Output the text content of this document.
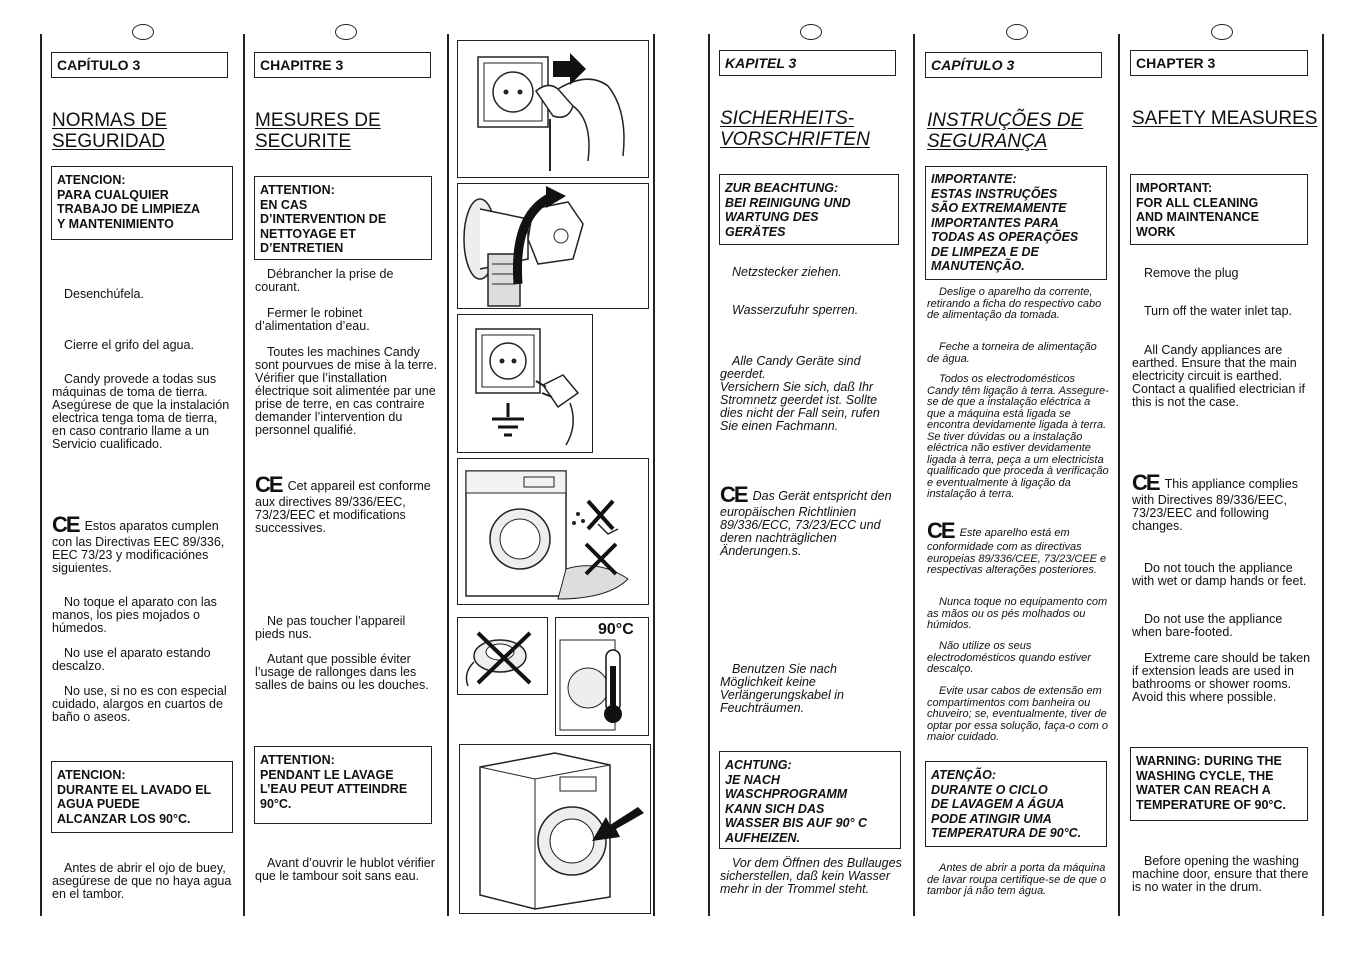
CAPÍTULO 3
NORMAS DE
SEGURIDAD
ATENCION:
PARA CUALQUIER
TRABAJO DE LIMPIEZA
Y MANTENIMIENTO
Desenchúfela.
Cierre el grifo del agua.
Candy provede a todas sus máquinas de toma de tierra.
Asegúrese de que la instalación electrica tenga toma de tierra, en caso contrario llame a un Servicio cualificado.
CE Estos aparatos cumplen con las Directivas EEC 89/336, EEC 73/23 y modificaciónes siguientes.
No toque el aparato con las manos, los pies mojados o húmedos.
No use el aparato estando descalzo.
No use, si no es con especial cuidado, alargos en cuartos de baño o aseos.
ATENCION:
DURANTE EL LAVADO EL
AGUA PUEDE
ALCANZAR LOS 90°C.
Antes de abrir el ojo de buey, asegúrese de que no haya agua en el tambor.
CHAPITRE 3
MESURES DE
SECURITE
ATTENTION:
EN CAS
D’INTERVENTION DE
NETTOYAGE ET
D’ENTRETIEN
Débrancher la prise de courant.
Fermer le robinet d’alimentation d’eau.
Toutes les machines Candy sont pourvues de mise à la terre.
Vérifier que l’installation électrique soit alimentée par une prise de terre, en cas contraire demander l’intervention du personnel qualifié.
CE Cet appareil est conforme aux directives 89/336/EEC, 73/23/EEC et modifications successives.
Ne pas toucher l’appareil pieds nus.
Autant que possible éviter l’usage de rallonges dans les salles de bains ou les douches.
ATTENTION:
PENDANT LE LAVAGE
L’EAU PEUT ATTEINDRE
90°C.
Avant d’ouvrir le hublot vérifier que le tambour soit sans eau.
90°C
KAPITEL 3
SICHERHEITS-
VORSCHRIFTEN
ZUR BEACHTUNG:
BEI REINIGUNG UND
WARTUNG DES
GERÄTES
Netzstecker ziehen.
Wasserzufuhr sperren.
Alle Candy Geräte sind geerdet.
Versichern Sie sich, daß Ihr Stromnetz geerdet ist. Sollte dies nicht der Fall sein, rufen Sie einen Fachmann.
CE Das Gerät entspricht den europäischen Richtlinien 89/336/ECC, 73/23/ECC und deren nachträglichen Änderungen.s.
Benutzen Sie nach Möglichkeit keine Verlängerungskabel in Feuchträumen.
ACHTUNG:
JE NACH
WASCHPROGRAMM
KANN SICH DAS
WASSER BIS AUF 90° C
AUFHEIZEN.
Vor dem Öffnen des Bullauges sicherstellen, daß kein Wasser mehr in der Trommel steht.
CAPÍTULO 3
INSTRUÇÕES DE
SEGURANÇA
IMPORTANTE:
ESTAS INSTRUÇÕES
SÃO EXTREMAMENTE
IMPORTANTES PARA
TODAS AS OPERAÇÕES
DE LIMPEZA E DE
MANUTENÇÃO.
Deslige o aparelho da corrente, retirando a ficha do respectivo cabo de alimentação da tomada.
Feche a torneira de alimentação de água.
Todos os electrodomésticos Candy têm ligação à terra. Assegure-se de que a instalação eléctrica a que a máquina está ligada se encontra devidamente ligada à terra. Se tiver dúvidas ou a instalação eléctrica não estiver devidamente ligada à terra, peça a um electricista qualificado que proceda à verificação e eventualmente à ligação da instalação à terra.
CE Este aparelho está em conformidade com as directivas europeias 89/336/CEE, 73/23/CEE e respectivas alterações posteriores.
Nunca toque no equipamento com as mãos ou os pés molhados ou húmidos.
Não utilize os seus electrodomésticos quando estiver descalço.
Evite usar cabos de extensão em compartimentos com banheira ou chuveiro; se, eventualmente, tiver de optar por essa solução, faça-o com o maior cuidado.
ATENÇÃO:
DURANTE O CICLO
DE LAVAGEM A ÁGUA
PODE ATINGIR UMA
TEMPERATURA DE 90°C.
Antes de abrir a porta da máquina de lavar roupa certifique-se de que o tambor já não tem água.
CHAPTER 3
SAFETY MEASURES
IMPORTANT:
FOR ALL CLEANING
AND MAINTENANCE
WORK
Remove the plug
Turn off the water inlet tap.
All Candy appliances are earthed. Ensure that the main electricity circuit is earthed. Contact a qualified electrician if this is not the case.
CE This appliance complies with Directives 89/336/EEC, 73/23/EEC and following changes.
Do not touch the appliance with wet or damp hands or feet.
Do not use the appliance when bare-footed.
Extreme care should be taken if extension leads are used in bathrooms or shower rooms. Avoid this where possible.
WARNING: DURING THE
WASHING CYCLE, THE
WATER CAN REACH A
TEMPERATURE OF 90°C.
Before opening the washing machine door, ensure that there is no water in the drum.
